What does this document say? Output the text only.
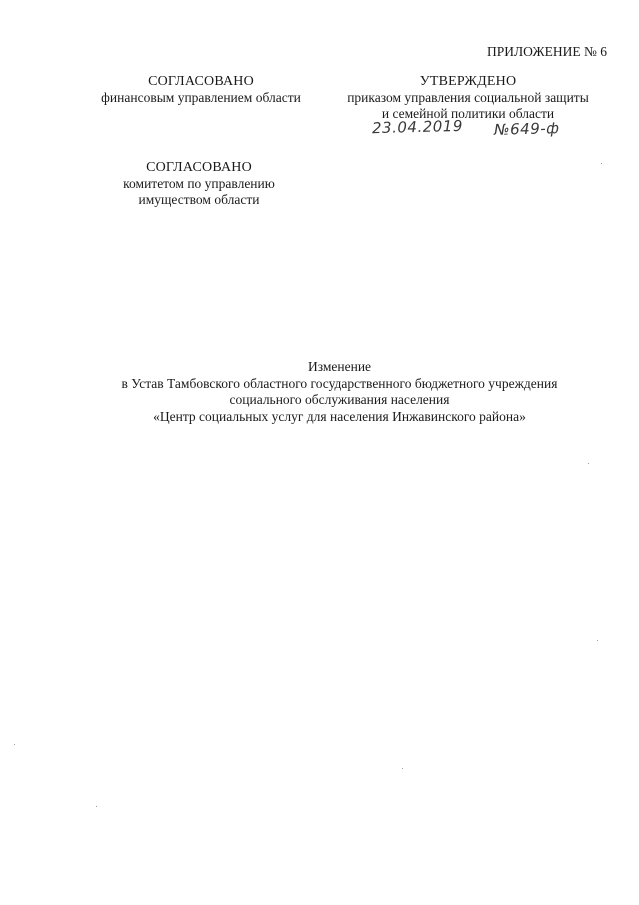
ПРИЛОЖЕНИЕ № 6
СОГЛАСОВАНО
финансовым управлением области
УТВЕРЖДЕНО
приказом управления социальной защиты
и семейной политики области
23.04.2019 №649-ф
СОГЛАСОВАНО
комитетом по управлению
имуществом области
Изменение
в Устав Тамбовского областного государственного бюджетного учреждения
социального обслуживания населения
«Центр социальных услуг для населения Инжавинского района»
